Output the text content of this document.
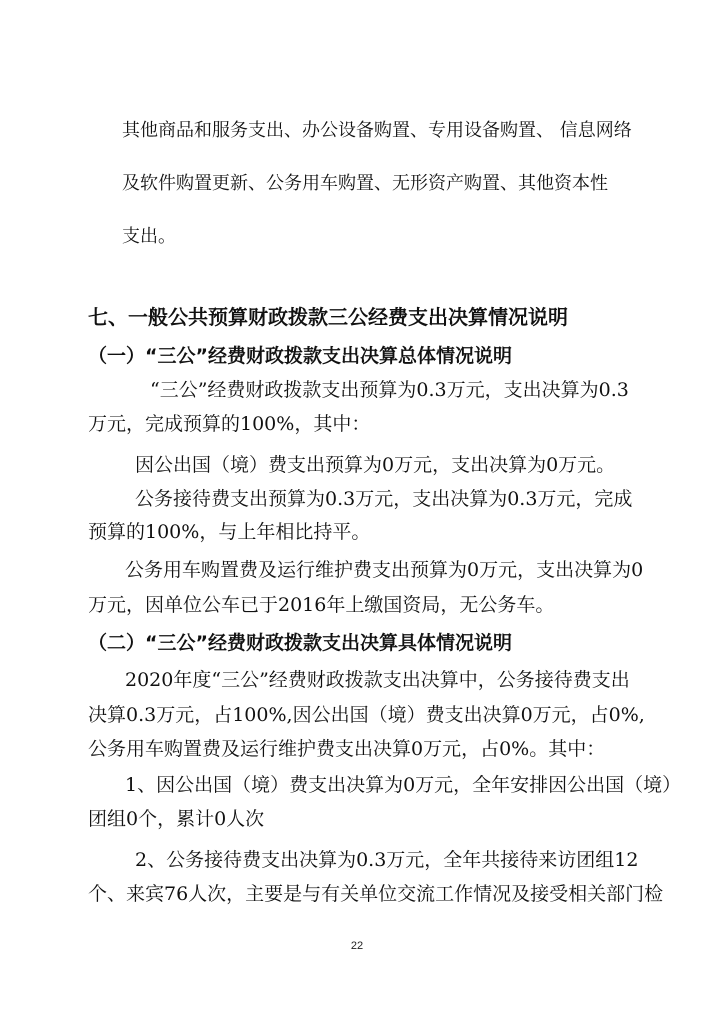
其他商品和服务支出、办公设备购置、专用设备购置、 信息网络
及软件购置更新、公务用车购置、无形资产购置、其他资本性
支出。
七、一般公共预算财政拨款三公经费支出决算情况说明
（一）“三公”经费财政拨款支出决算总体情况说明
“三公”经费财政拨款支出预算为0.3万元，支出决算为0.3
万元，完成预算的100%，其中：
因公出国（境）费支出预算为0万元，支出决算为0万元。
公务接待费支出预算为0.3万元，支出决算为0.3万元，完成
预算的100%，与上年相比持平。
公务用车购置费及运行维护费支出预算为0万元，支出决算为0
万元，因单位公车已于2016年上缴国资局，无公务车。
（二）“三公”经费财政拨款支出决算具体情况说明
2020年度“三公”经费财政拨款支出决算中，公务接待费支出
决算0.3万元，占100%,因公出国（境）费支出决算0万元，占0%,
公务用车购置费及运行维护费支出决算0万元，占0%。其中：
1、因公出国（境）费支出决算为0万元，全年安排因公出国（境）
团组0个，累计0人次
2、公务接待费支出决算为0.3万元，全年共接待来访团组12
个、来宾76人次，主要是与有关单位交流工作情况及接受相关部门检
22
